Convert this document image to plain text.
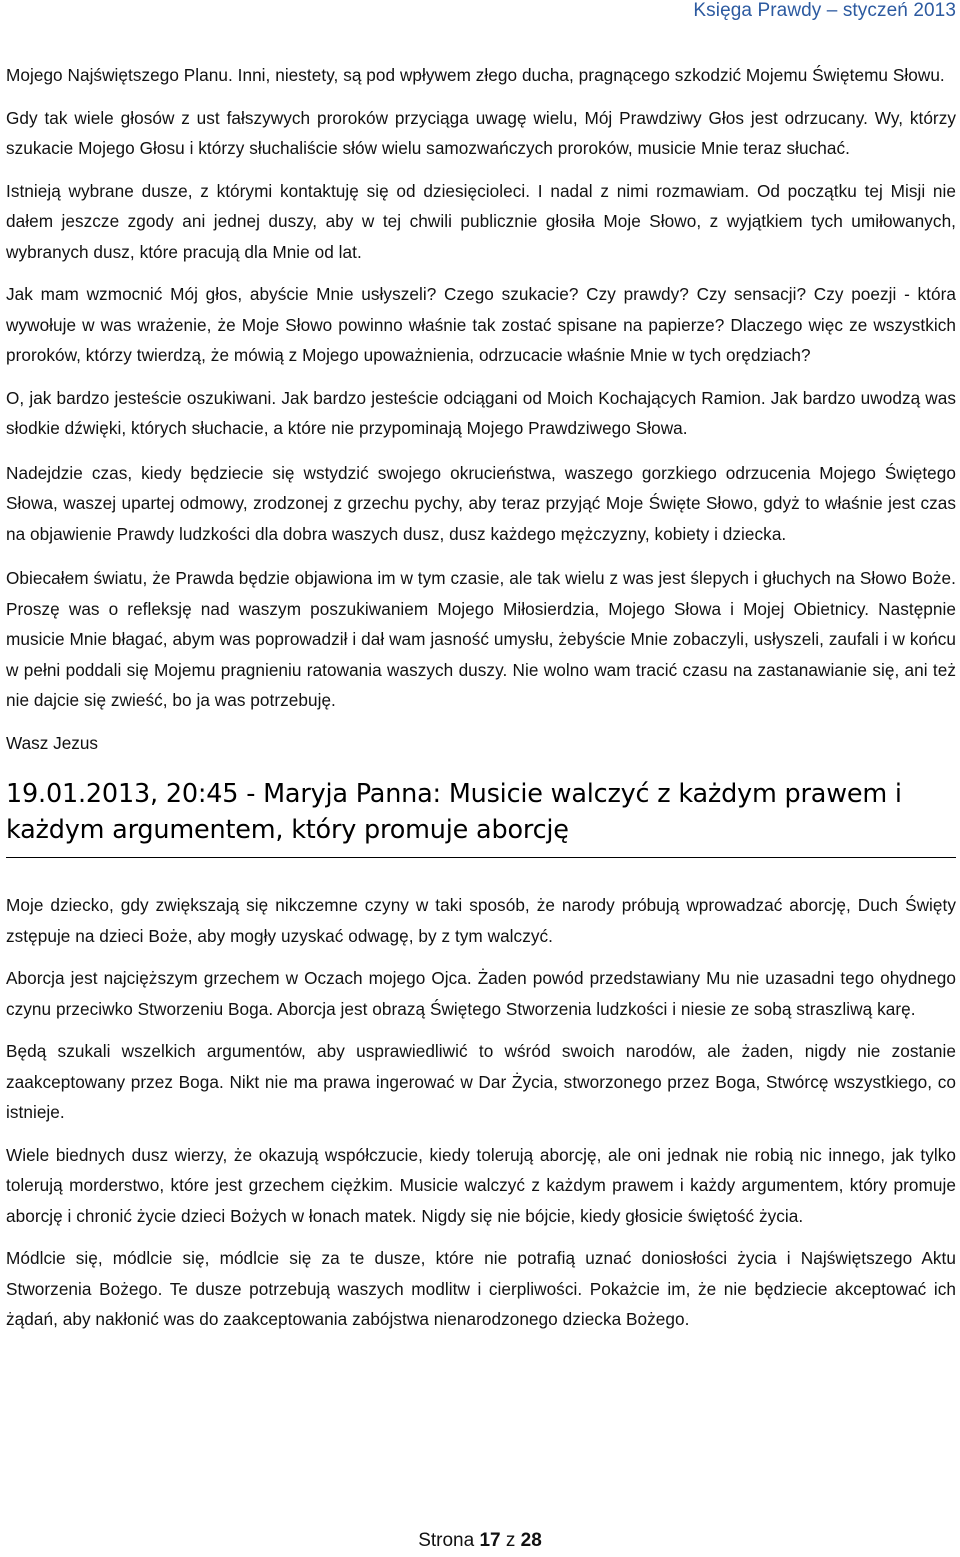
Księga Prawdy – styczeń 2013

Mojego Najświętszego Planu. Inni, niestety, są pod wpływem złego ducha, pragnącego szkodzić Mojemu Świętemu Słowu.

Gdy tak wiele głosów z ust fałszywych proroków przyciąga uwagę wielu, Mój Prawdziwy Głos jest odrzucany. Wy, którzy szukacie Mojego Głosu i którzy słuchaliście słów wielu samozwańczych proroków, musicie Mnie teraz słuchać.

Istnieją wybrane dusze, z którymi kontaktuję się od dziesięcioleci. I nadal z nimi rozmawiam. Od początku tej Misji nie dałem jeszcze zgody ani jednej duszy, aby w tej chwili publicznie głosiła Moje Słowo, z wyjątkiem tych umiłowanych, wybranych dusz, które pracują dla Mnie od lat.

Jak mam wzmocnić Mój głos, abyście Mnie usłyszeli? Czego szukacie? Czy prawdy? Czy sensacji? Czy poezji - która wywołuje w was wrażenie, że Moje Słowo powinno właśnie tak zostać spisane na papierze? Dlaczego więc ze wszystkich proroków, którzy twierdzą, że mówią z Mojego upoważnienia, odrzucacie właśnie Mnie w tych orędziach?

O, jak bardzo jesteście oszukiwani. Jak bardzo jesteście odciągani od Moich Kochających Ramion. Jak bardzo uwodzą was słodkie dźwięki, których słuchacie, a które nie przypominają Mojego Prawdziwego Słowa.

Nadejdzie czas, kiedy będziecie się wstydzić swojego okrucieństwa, waszego gorzkiego odrzucenia Mojego Świętego Słowa, waszej upartej odmowy, zrodzonej z grzechu pychy, aby teraz przyjąć Moje Święte Słowo, gdyż to właśnie jest czas na objawienie Prawdy ludzkości dla dobra waszych dusz, dusz każdego mężczyzny, kobiety i dziecka.

Obiecałem światu, że Prawda będzie objawiona im w tym czasie, ale tak wielu z was jest ślepych i głuchych na Słowo Boże. Proszę was o refleksję nad waszym poszukiwaniem Mojego Miłosierdzia, Mojego Słowa i Mojej Obietnicy. Następnie musicie Mnie błagać, abym was poprowadził i dał wam jasność umysłu, żebyście Mnie zobaczyli, usłyszeli, zaufali i w końcu w pełni poddali się Mojemu pragnieniu ratowania waszych duszy. Nie wolno wam tracić czasu na zastanawianie się, ani też nie dajcie się zwieść, bo ja was potrzebuję.

Wasz Jezus

19.01.2013, 20:45 - Maryja Panna: Musicie walczyć z każdym prawem i każdym argumentem, który promuje aborcję

Moje dziecko, gdy zwiększają się nikczemne czyny w taki sposób, że narody próbują wprowadzać aborcję, Duch Święty zstępuje na dzieci Boże, aby mogły uzyskać odwagę, by z tym walczyć.

Aborcja jest najcięższym grzechem w Oczach mojego Ojca. Żaden powód przedstawiany Mu nie uzasadni tego ohydnego czynu przeciwko Stworzeniu Boga. Aborcja jest obrazą Świętego Stworzenia ludzkości i niesie ze sobą straszliwą karę.

Będą szukali wszelkich argumentów, aby usprawiedliwić to wśród swoich narodów, ale żaden, nigdy nie zostanie zaakceptowany przez Boga. Nikt nie ma prawa ingerować w Dar Życia, stworzonego przez Boga, Stwórcę wszystkiego, co istnieje.

Wiele biednych dusz wierzy, że okazują współczucie, kiedy tolerują aborcję, ale oni jednak nie robią nic innego, jak tylko tolerują morderstwo, które jest grzechem ciężkim. Musicie walczyć z każdym prawem i każdy argumentem, który promuje aborcję i chronić życie dzieci Bożych w łonach matek. Nigdy się nie bójcie, kiedy głosicie świętość życia.

Módlcie się, módlcie się, módlcie się za te dusze, które nie potrafią uznać doniosłości życia i Najświętszego Aktu Stworzenia Bożego. Te dusze potrzebują waszych modlitw i cierpliwości. Pokażcie im, że nie będziecie akceptować ich żądań, aby nakłonić was do zaakceptowania zabójstwa nienarodzonego dziecka Bożego.

Strona 17 z 28
